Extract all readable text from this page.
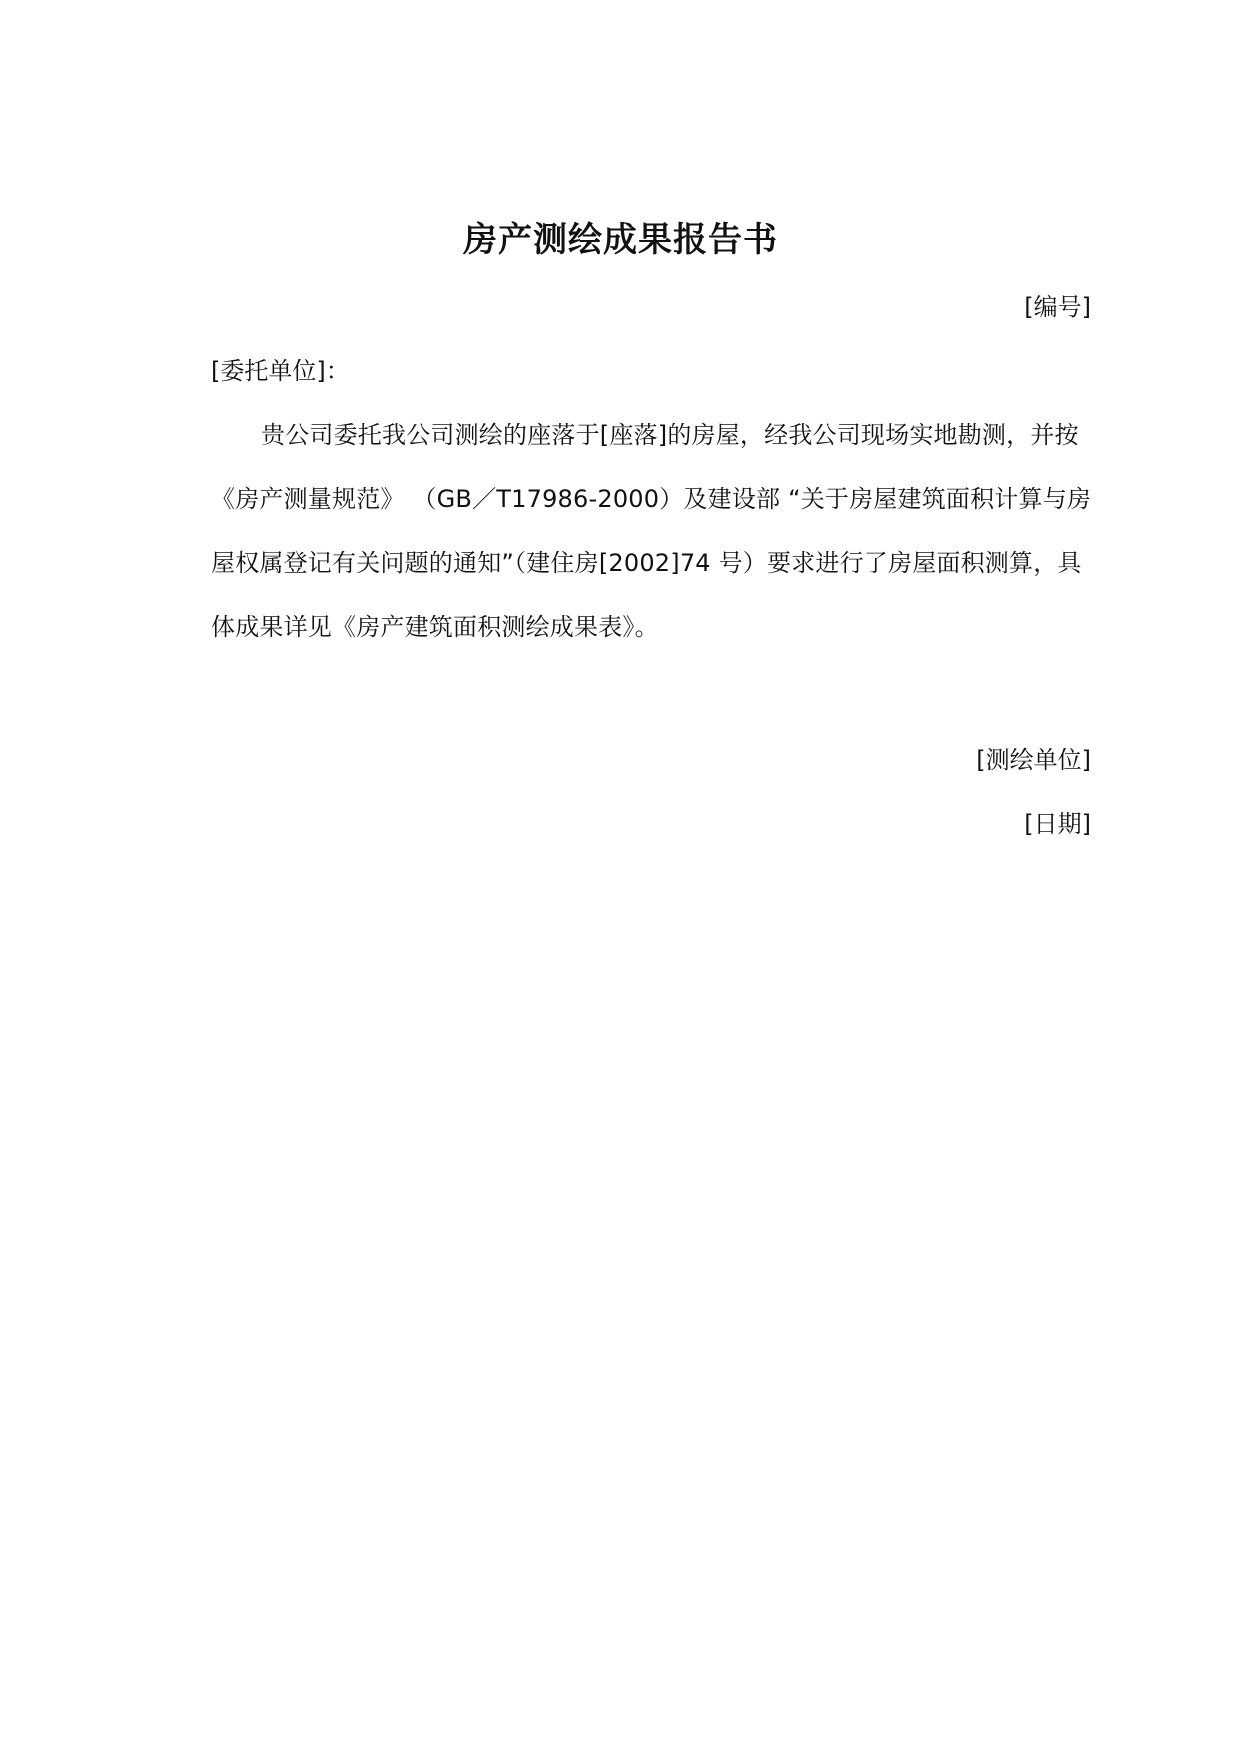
房产测绘成果报告书
[编号]
[委托单位]：
贵公司委托我公司测绘的座落于[座落]的房屋，经我公司现场实地勘测，并按
《房产测量规范》 （GB／T17986-2000）及建设部 “关于房屋建筑面积计算与房
屋权属登记有关问题的通知”（建住房[2002]74 号）要求进行了房屋面积测算，具
体成果详见《房产建筑面积测绘成果表》。
[测绘单位]
[日期]
